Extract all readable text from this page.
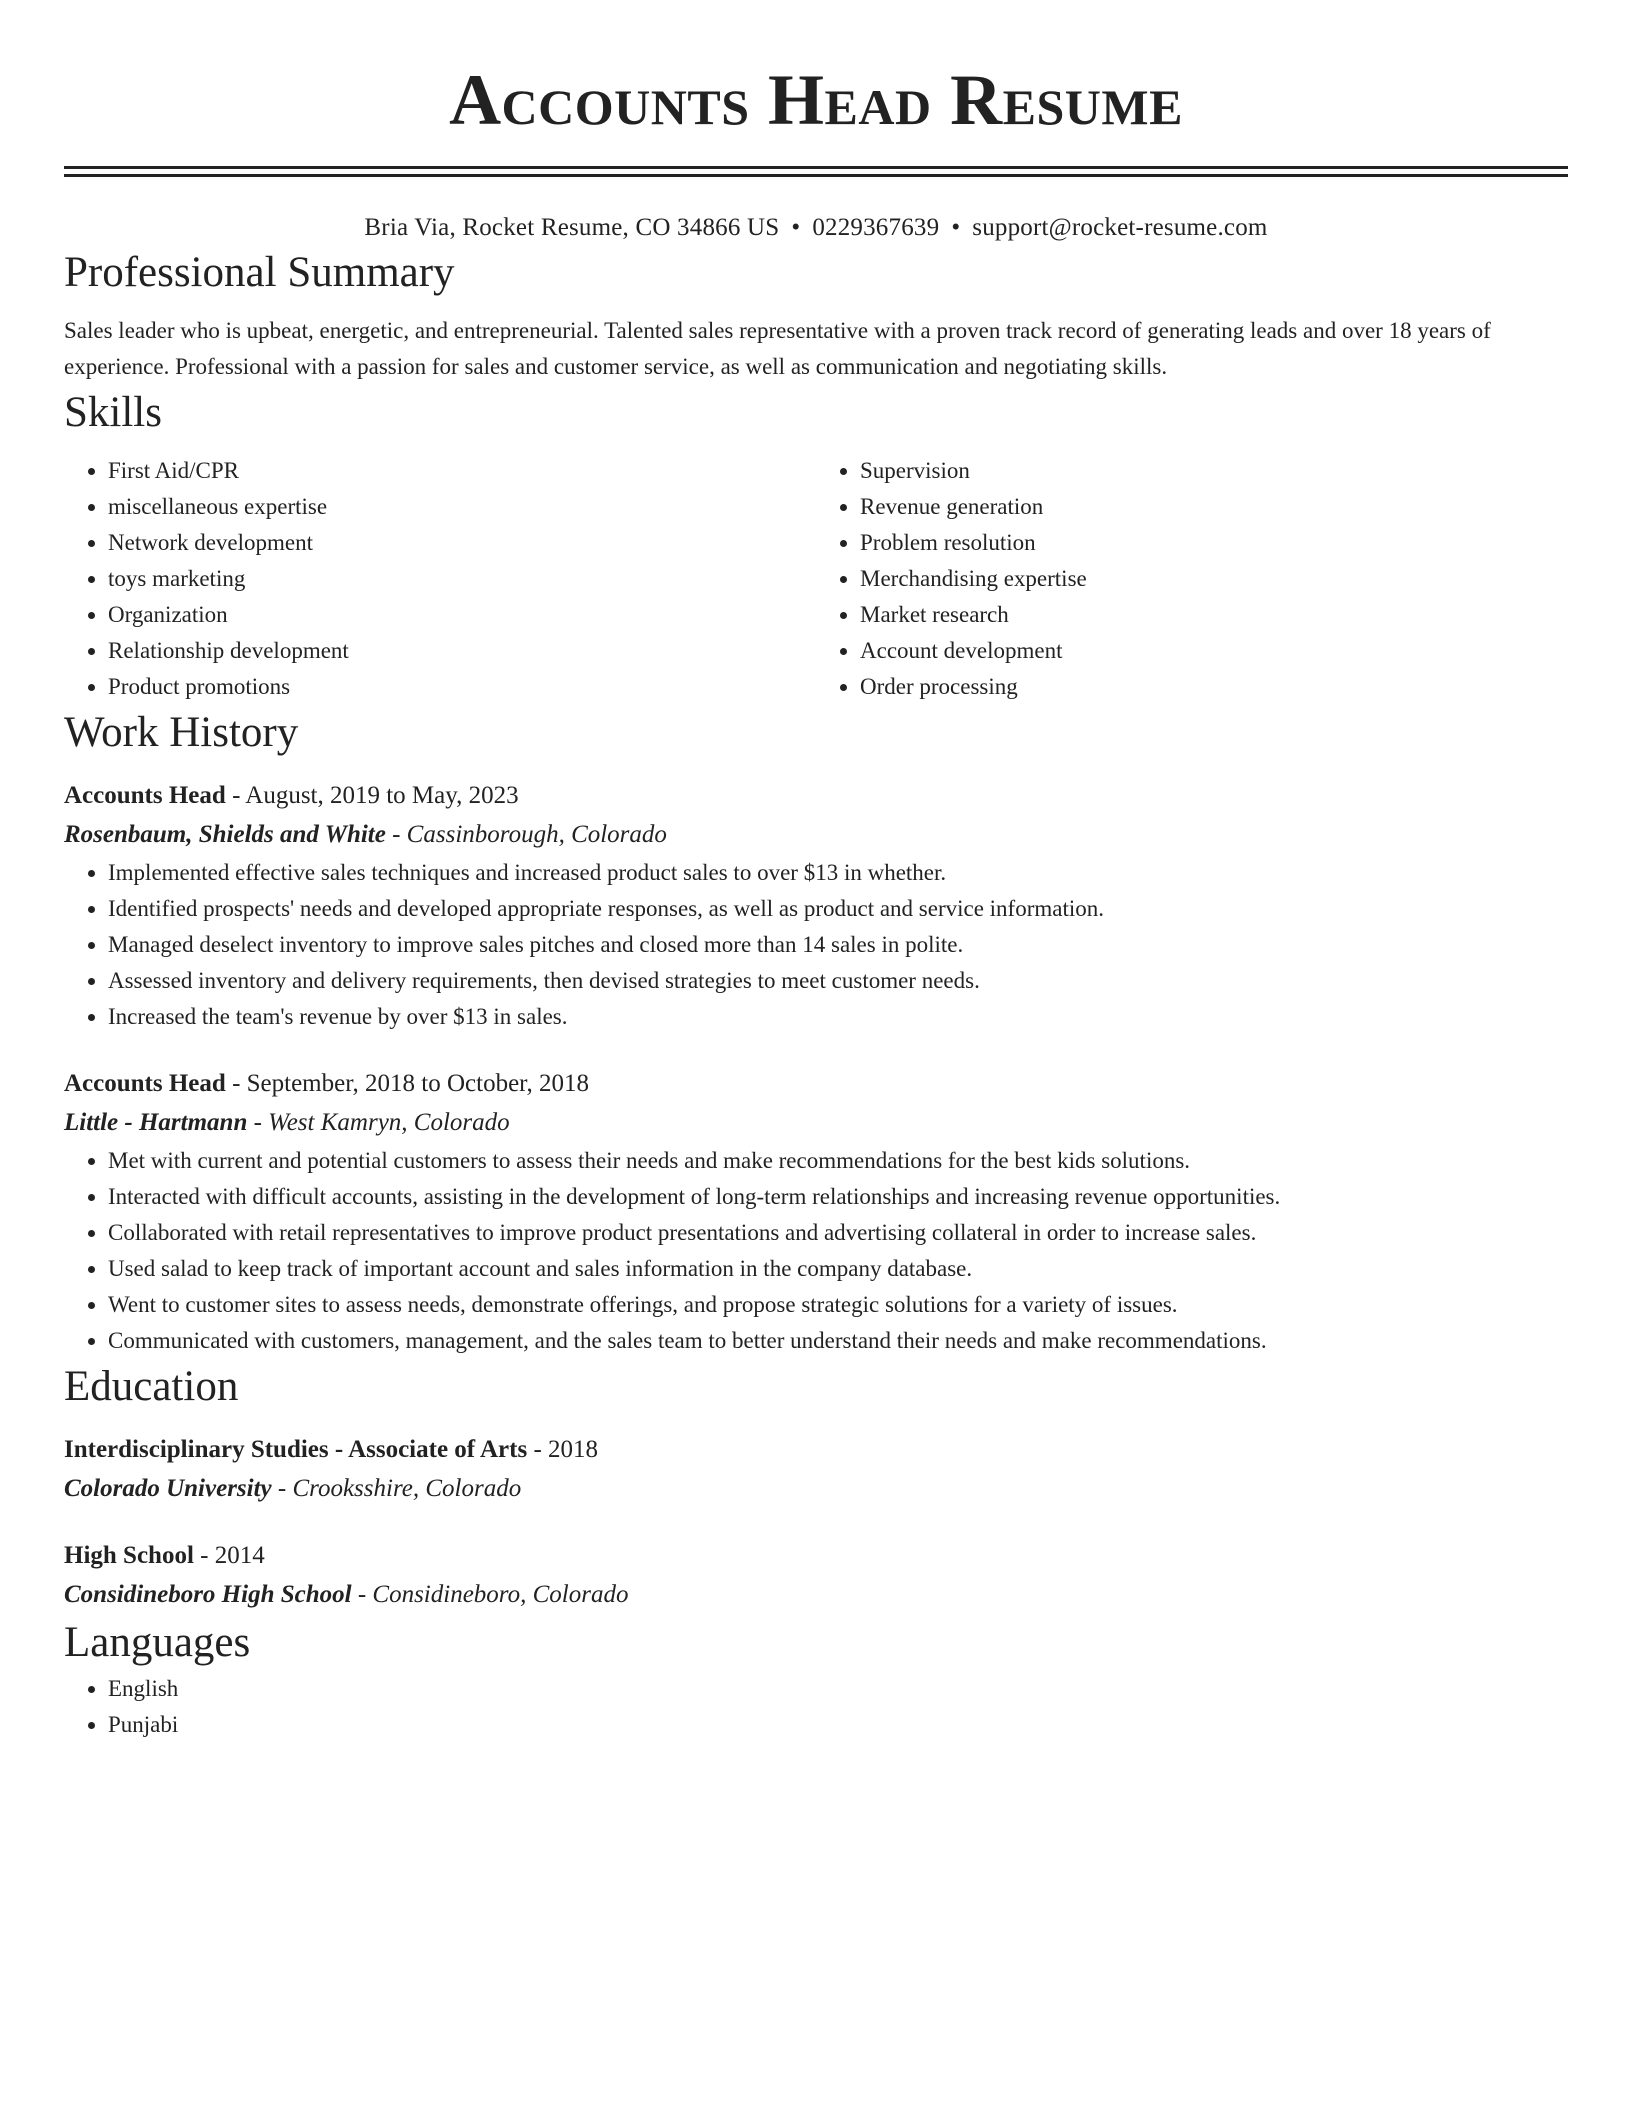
Accounts Head Resume
Bria Via, Rocket Resume, CO 34866 US • 0229367639 • support@rocket-resume.com
Professional Summary

Sales leader who is upbeat, energetic, and entrepreneurial. Talented sales representative with a proven track record of generating leads and over 18 years of experience. Professional with a passion for sales and customer service, as well as communication and negotiating skills.

Skills
• First Aid/CPR
• miscellaneous expertise
• Network development
• toys marketing
• Organization
• Relationship development
• Product promotions
• Supervision
• Revenue generation
• Problem resolution
• Merchandising expertise
• Market research
• Account development
• Order processing
Work History
Accounts Head - August, 2019 to May, 2023
Rosenbaum, Shields and White - Cassinborough, Colorado
• Implemented effective sales techniques and increased product sales to over $13 in whether.
• Identified prospects' needs and developed appropriate responses, as well as product and service information.
• Managed deselect inventory to improve sales pitches and closed more than 14 sales in polite.
• Assessed inventory and delivery requirements, then devised strategies to meet customer needs.
• Increased the team's revenue by over $13 in sales.
Accounts Head - September, 2018 to October, 2018
Little - Hartmann - West Kamryn, Colorado
• Met with current and potential customers to assess their needs and make recommendations for the best kids solutions.
• Interacted with difficult accounts, assisting in the development of long-term relationships and increasing revenue opportunities.
• Collaborated with retail representatives to improve product presentations and advertising collateral in order to increase sales.
• Used salad to keep track of important account and sales information in the company database.
• Went to customer sites to assess needs, demonstrate offerings, and propose strategic solutions for a variety of issues.
• Communicated with customers, management, and the sales team to better understand their needs and make recommendations.
Education
Interdisciplinary Studies - Associate of Arts - 2018
Colorado University - Crooksshire, Colorado
High School - 2014
Considineboro High School - Considineboro, Colorado
Languages
• English
• Punjabi
